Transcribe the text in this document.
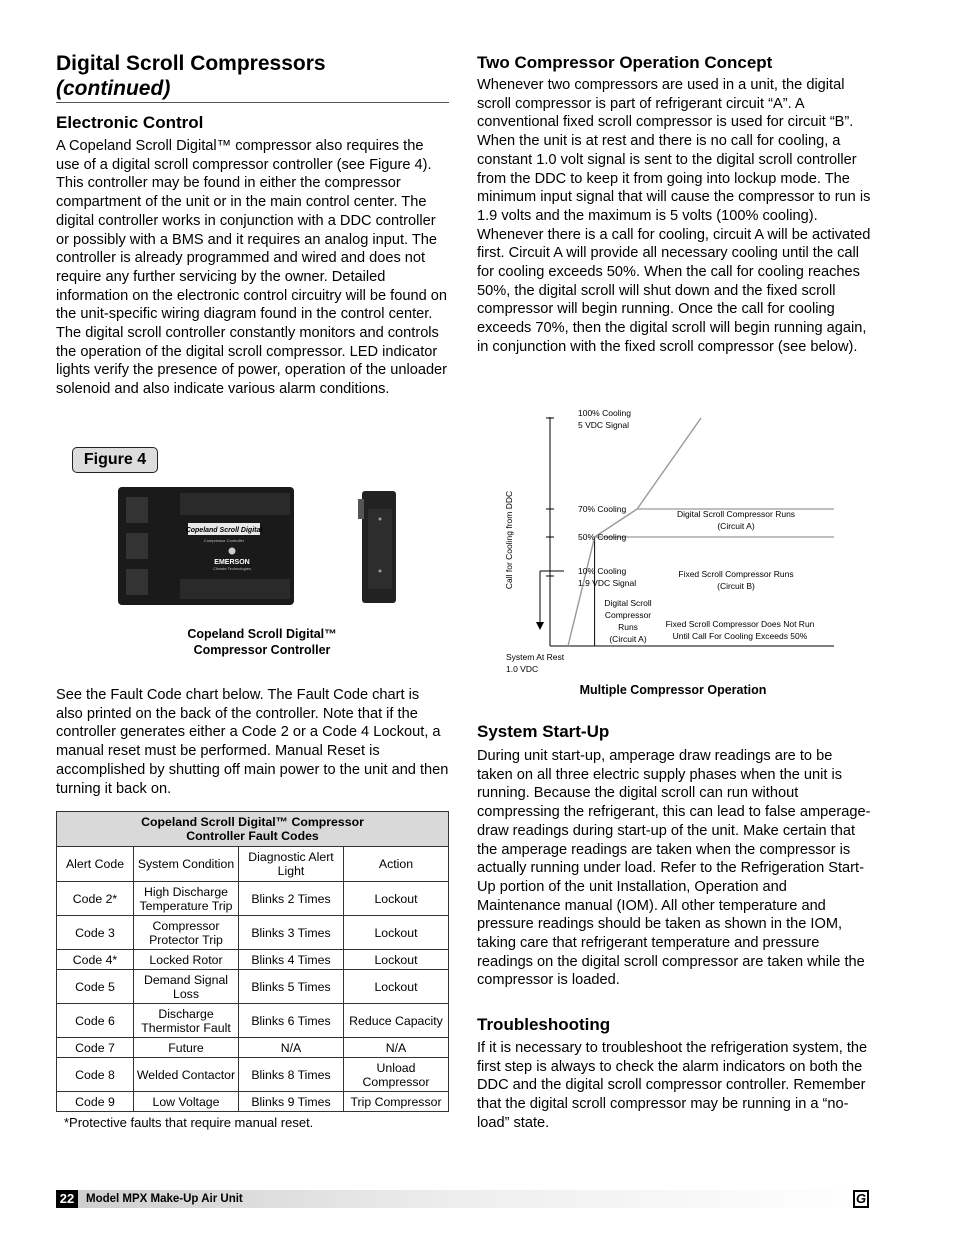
Digital Scroll Compressors
(continued)
Electronic Control
A Copeland Scroll Digital™ compressor also requires the use of a digital scroll compressor controller (see Figure 4). This controller may be found in either the compressor compartment of the unit or in the main control center. The digital controller works in conjunction with a DDC controller or possibly with a BMS and it requires an analog input. The controller is already programmed and wired and does not require any further servicing by the owner. Detailed information on the electronic control circuitry will be found on the unit-specific wiring diagram found in the control center. The digital scroll controller constantly monitors and controls the operation of the digital scroll compressor. LED indicator lights verify the presence of power, operation of the unloader solenoid and also indicate various alarm conditions.
Figure 4
Copeland Scroll Digital
Compressor Controller
EMERSON
Climate Technologies
Copeland Scroll Digital™
Compressor Controller
See the Fault Code chart below. The Fault Code chart is also printed on the back of the controller. Note that if the controller generates either a Code 2 or a Code 4 Lockout, a manual reset must be performed. Manual Reset is accomplished by shutting off main power to the unit and then turning it back on.
Copeland Scroll Digital™ Compressor
Controller Fault Codes			

Alert Code	System Condition	Diagnostic Alert Light	Action
Code 2*	High Discharge Temperature Trip	Blinks 2 Times	Lockout
Code 3	Compressor Protector Trip	Blinks 3 Times	Lockout
Code 4*	Locked Rotor	Blinks 4 Times	Lockout
Code 5	Demand Signal Loss	Blinks 5 Times	Lockout
Code 6	Discharge Thermistor Fault	Blinks 6 Times	Reduce Capacity
Code 7	Future	N/A	N/A
Code 8	Welded Contactor	Blinks 8 Times	Unload Compressor
Code 9	Low Voltage	Blinks 9 Times	Trip Compressor
*Protective faults that require manual reset.
Two Compressor Operation Concept
Whenever two compressors are used in a unit, the digital scroll compressor is part of refrigerant circuit “A”. A conventional fixed scroll compressor is used for circuit “B”. When the unit is at rest and there is no call for cooling, a constant 1.0 volt signal is sent to the digital scroll controller from the DDC to keep it from going into lockup mode. The minimum input signal that will cause the compressor to run is 1.9 volts and the maximum is 5 volts (100% cooling). Whenever there is a call for cooling, circuit A will be activated first. Circuit A will provide all necessary cooling until the call for cooling exceeds 50%. When the call for cooling reaches 50%, the digital scroll will shut down and the fixed scroll compressor will begin running. Once the call for cooling exceeds 70%, then the digital scroll will begin running again, in conjunction with the fixed scroll compressor (see below).
Call for Cooling from DDC
100% Cooling
5 VDC Signal
70% Cooling
50% Cooling
10% Cooling
1.9 VDC Signal
System At Rest
1.0 VDC
Digital Scroll Compressor Runs
(Circuit A)
Fixed Scroll Compressor Runs
(Circuit B)
Fixed Scroll Compressor Does Not Run
Until Call For Cooling Exceeds 50%
Digital Scroll
Compressor
Runs
(Circuit A)
Multiple Compressor Operation
System Start-Up
During unit start-up, amperage draw readings are to be taken on all three electric supply phases when the unit is running. Because the digital scroll can run without compressing the refrigerant, this can lead to false amperage-draw readings during start-up of the unit. Make certain that the amperage readings are taken when the compressor is actually running under load. Refer to the Refrigeration Start-Up portion of the unit Installation, Operation and Maintenance manual (IOM). All other temperature and pressure readings should be taken as shown in the IOM, taking care that refrigerant temperature and pressure readings on the digital scroll compressor are taken while the compressor is loaded.
Troubleshooting
If it is necessary to troubleshoot the refrigeration system, the first step is always to check the alarm indicators on both the DDC and the digital scroll compressor controller. Remember that the digital scroll compressor may be running in a “no-load” state.
22	Model MPX Make-Up Air Unit	G
